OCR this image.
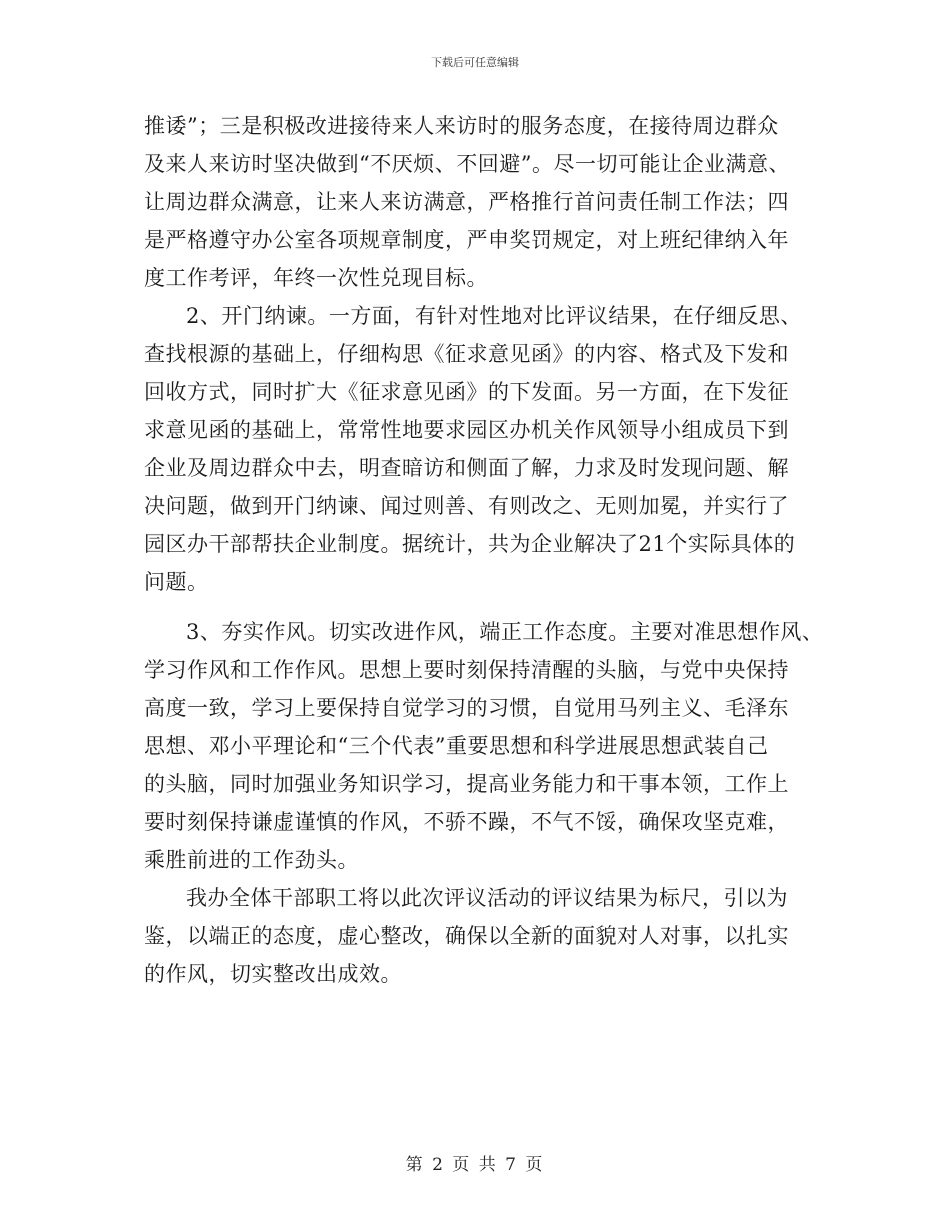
下载后可任意编辑
推诿”；三是积极改进接待来人来访时的服务态度，在接待周边群众
及来人来访时坚决做到“不厌烦、不回避”。尽一切可能让企业满意、
让周边群众满意，让来人来访满意，严格推行首问责任制工作法；四
是严格遵守办公室各项规章制度，严申奖罚规定，对上班纪律纳入年
度工作考评，年终一次性兑现目标。
2、开门纳谏。一方面，有针对性地对比评议结果，在仔细反思、
查找根源的基础上，仔细构思《征求意见函》的内容、格式及下发和
回收方式，同时扩大《征求意见函》的下发面。另一方面，在下发征
求意见函的基础上，常常性地要求园区办机关作风领导小组成员下到
企业及周边群众中去，明查暗访和侧面了解，力求及时发现问题、解
决问题，做到开门纳谏、闻过则善、有则改之、无则加冕，并实行了
园区办干部帮扶企业制度。据统计，共为企业解决了21个实际具体的
问题。
3、夯实作风。切实改进作风，端正工作态度。主要对准思想作风、
学习作风和工作作风。思想上要时刻保持清醒的头脑，与党中央保持
高度一致，学习上要保持自觉学习的习惯，自觉用马列主义、毛泽东
思想、邓小平理论和“三个代表”重要思想和科学进展思想武装自己
的头脑，同时加强业务知识学习，提高业务能力和干事本领，工作上
要时刻保持谦虚谨慎的作风，不骄不躁，不气不馁，确保攻坚克难，
乘胜前进的工作劲头。
我办全体干部职工将以此次评议活动的评议结果为标尺，引以为
鉴，以端正的态度，虚心整改，确保以全新的面貌对人对事，以扎实
的作风，切实整改出成效。
第 2 页 共 7 页
